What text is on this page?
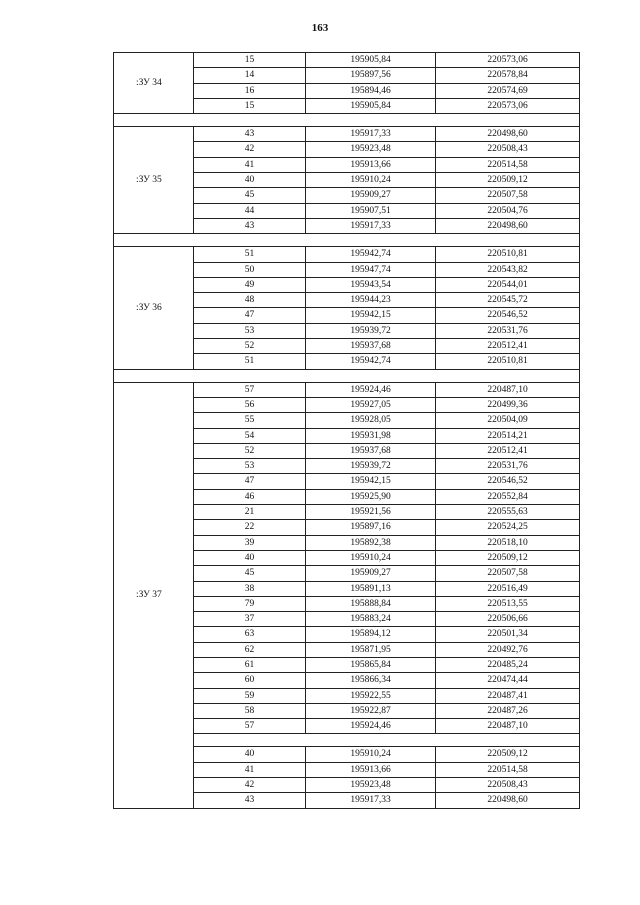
163
:ЗУ 34	15	195905,84	220573,06
	14	195897,56	220578,84
	16	195894,46	220574,69
	15	195905,84	220573,06

:ЗУ 35	43	195917,33	220498,60
	42	195923,48	220508,43
	41	195913,66	220514,58
	40	195910,24	220509,12
	45	195909,27	220507,58
	44	195907,51	220504,76
	43	195917,33	220498,60

:ЗУ 36	51	195942,74	220510,81
	50	195947,74	220543,82
	49	195943,54	220544,01
	48	195944,23	220545,72
	47	195942,15	220546,52
	53	195939,72	220531,76
	52	195937,68	220512,41
	51	195942,74	220510,81

:ЗУ 37	57	195924,46	220487,10
	56	195927,05	220499,36
	55	195928,05	220504,09
	54	195931,98	220514,21
	52	195937,68	220512,41
	53	195939,72	220531,76
	47	195942,15	220546,52
	46	195925,90	220552,84
	21	195921,56	220555,63
	22	195897,16	220524,25
	39	195892,38	220518,10
	40	195910,24	220509,12
	45	195909,27	220507,58
	38	195891,13	220516,49
	79	195888,84	220513,55
	37	195883,24	220506,66
	63	195894,12	220501,34
	62	195871,95	220492,76
	61	195865,84	220485,24
	60	195866,34	220474,44
	59	195922,55	220487,41
	58	195922,87	220487,26
	57	195924,46	220487,10

	40	195910,24	220509,12
	41	195913,66	220514,58
	42	195923,48	220508,43
	43	195917,33	220498,60
